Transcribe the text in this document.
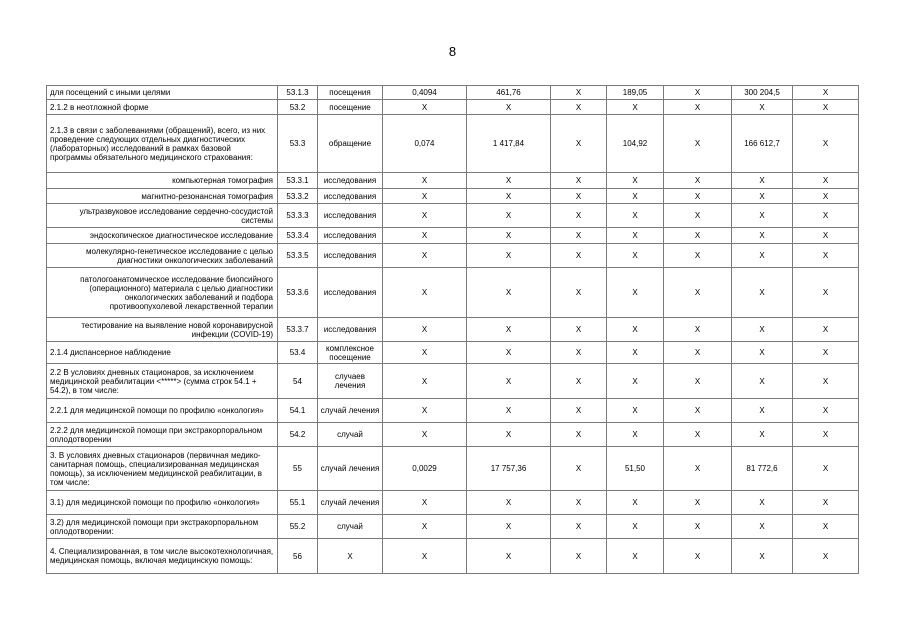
8
для посещений с иными целями	53.1.3	посещения	0,4094	461,76	Х	189,05	Х	300 204,5	Х
2.1.2 в неотложной форме	53.2	посещение	Х	Х	Х	Х	Х	Х	Х
2.1.3 в связи с заболеваниями (обращений), всего, из них проведение следующих отдельных диагностических (лабораторных) исследований в рамках базовой программы обязательного медицинского страхования:	53.3	обращение	0,074	1 417,84	Х	104,92	Х	166 612,7	Х
компьютерная томография	53.3.1	исследования	Х	Х	Х	Х	Х	Х	Х
магнитно-резонансная томография	53.3.2	исследования	Х	Х	Х	Х	Х	Х	Х
ультразвуковое исследование сердечно-сосудистой системы	53.3.3	исследования	Х	Х	Х	Х	Х	Х	Х
эндоскопическое диагностическое исследование	53.3.4	исследования	Х	Х	Х	Х	Х	Х	Х
молекулярно-генетическое исследование с целью диагностики онкологических заболеваний	53.3.5	исследования	Х	Х	Х	Х	Х	Х	Х
патологоанатомическое исследование биопсийного (операционного) материала с целью диагностики онкологических заболеваний и подбора противоопухолевой лекарственной терапии	53.3.6	исследования	Х	Х	Х	Х	Х	Х	Х
тестирование на выявление новой коронавирусной инфекции (COVID-19)	53.3.7	исследования	Х	Х	Х	Х	Х	Х	Х
2.1.4 диспансерное наблюдение	53.4	комплексное посещение	Х	Х	Х	Х	Х	Х	Х
2.2 В условиях дневных стационаров, за исключением медицинской реабилитации <*****> (сумма строк 54.1 + 54.2), в том числе:	54	случаев лечения	Х	Х	Х	Х	Х	Х	Х
2.2.1 для медицинской помощи по профилю «онкология»	54.1	случай лечения	Х	Х	Х	Х	Х	Х	Х
2.2.2 для медицинской помощи при экстракорпоральном оплодотворении	54.2	случай	Х	Х	Х	Х	Х	Х	Х
3. В условиях дневных стационаров (первичная медико-санитарная помощь, специализированная медицинская помощь), за исключением медицинской реабилитации, в том числе:	55	случай лечения	0,0029	17 757,36	Х	51,50	Х	81 772,6	Х
3.1) для медицинской помощи по профилю «онкология»	55.1	случай лечения	Х	Х	Х	Х	Х	Х	Х
3.2) для медицинской помощи при экстракорпоральном оплодотворении:	55.2	случай	Х	Х	Х	Х	Х	Х	Х
4. Специализированная, в том числе высокотехнологичная, медицинская помощь, включая медицинскую помощь:	56	Х	Х	Х	Х	Х	Х	Х	Х
